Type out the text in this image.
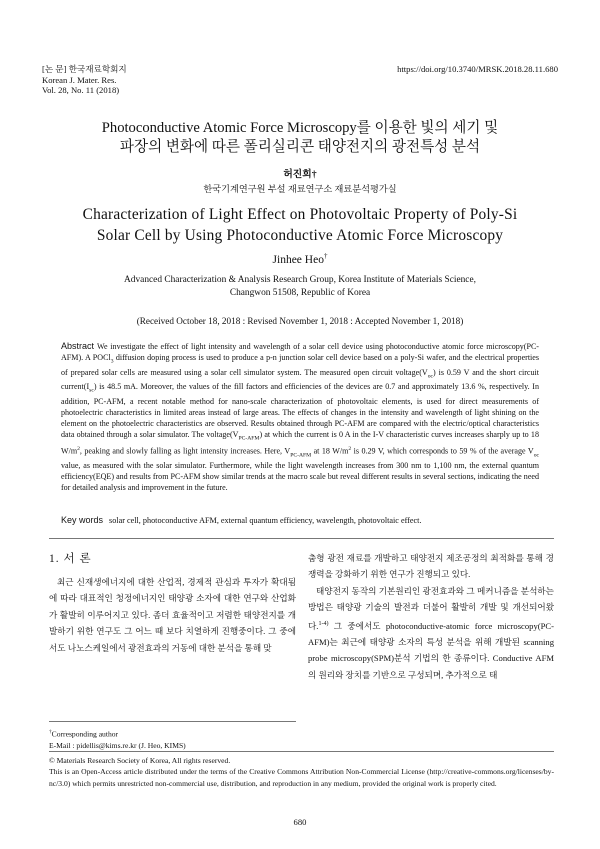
[논 문] 한국재료학회지
Korean J. Mater. Res.
Vol. 28, No. 11 (2018)
https://doi.org/10.3740/MRSK.2018.28.11.680
Photoconductive Atomic Force Microscopy를 이용한 빛의 세기 및
파장의 변화에 따른 폴리실리콘 태양전지의 광전특성 분석
허진희†
한국기계연구원 부설 재료연구소 재료분석평가실
Characterization of Light Effect on Photovoltaic Property of Poly-Si
Solar Cell by Using Photoconductive Atomic Force Microscopy
Jinhee Heo†
Advanced Characterization & Analysis Research Group, Korea Institute of Materials Science,
Changwon 51508, Republic of Korea
(Received October 18, 2018 : Revised November 1, 2018 : Accepted November 1, 2018)
Abstract We investigate the effect of light intensity and wavelength of a solar cell device using photoconductive atomic force microscopy(PC-AFM). A POCl$_3$ diffusion doping process is used to produce a p-n junction solar cell device based on a poly-Si wafer, and the electrical properties of prepared solar cells are measured using a solar cell simulator system. The measured open circuit $voltage(V_{oc})$ is 0.59 V and the short circuit $current(I_{sc})$ is 48.5 mA. Moreover, the values of the fill factors and efficiencies of the devices are 0.7 and approximately 13.6 %, respectively. In addition, PC-AFM, a recent notable method for nano-scale characterization of photovoltaic elements, is used for direct measurements of photoelectric characteristics in limited areas instead of large areas. The effects of changes in the intensity and wavelength of light shining on the element on the photoelectric characteristics are observed. Results obtained through PC-AFM are compared with the electric/optical characteristics data obtained through a solar simulator. The $voltage(V_{PC-AFM})$ at which the current is 0 A in the I-V characteristic curves increases sharply up to 18 $W/m^2$, peaking and slowly falling as light intensity increases. Here, $V_{PC-AFM}$ at 18 $W/m^2$ is 0.29 V, which corresponds to 59 % of the average $V_{oc}$ value, as measured with the solar simulator. Furthermore, while the light wavelength increases from 300 nm to 1,100 nm, the external quantum efficiency(EQE) and results from PC-AFM show similar trends at the macro scale but reveal different results in several sections, indicating the need for detailed analysis and improvement in the future.
Key words solar cell, photoconductive AFM, external quantum efficiency, wavelength, photovoltaic effect.
1. 서 론
최근 신재생에너지에 대한 산업적, 경제적 관심과 투자가 확대됨에 따라 대표적인 청정에너지인 태양광 소자에 대한 연구와 산업화가 활발히 이루어지고 있다. 좀더 효율적이고 저렴한 태양전지를 개발하기 위한 연구도 그 어느 때 보다 치열하게 진행중이다. 그 중에서도 나노스케일에서 광전효과의 거동에 대한 분석을 통해 맞
춤형 광전 재료를 개발하고 태양전지 제조공정의 최적화를 통해 경쟁력을 강화하기 위한 연구가 진행되고 있다.
태양전지 동작의 기본원리인 광전효과와 그 메커니즘을 분석하는 방법은 태양광 기술의 발전과 더불어 활발히 개발 및 개선되어왔다.$^{1-4)}$ 그 중에서도 photoconductive-atomic force microscopy(PC-AFM)는 최근에 태양광 소자의 특성 분석을 위해 개발된 scanning probe microscopy(SPM)분석 기법의 한 종류이다. Conductive AFM의 원리와 장치를 기반으로 구성되며, 추가적으로 태
†Corresponding author
E-Mail : pidellis@kims.re.kr (J. Heo, KIMS)
© Materials Research Society of Korea, All rights reserved.
This is an Open-Access article distributed under the terms of the Creative Commons Attribution Non-Commercial License (http://creative-commons.org/licenses/by-nc/3.0) which permits unrestricted non-commercial use, distribution, and reproduction in any medium, provided the original work is properly cited.
680
